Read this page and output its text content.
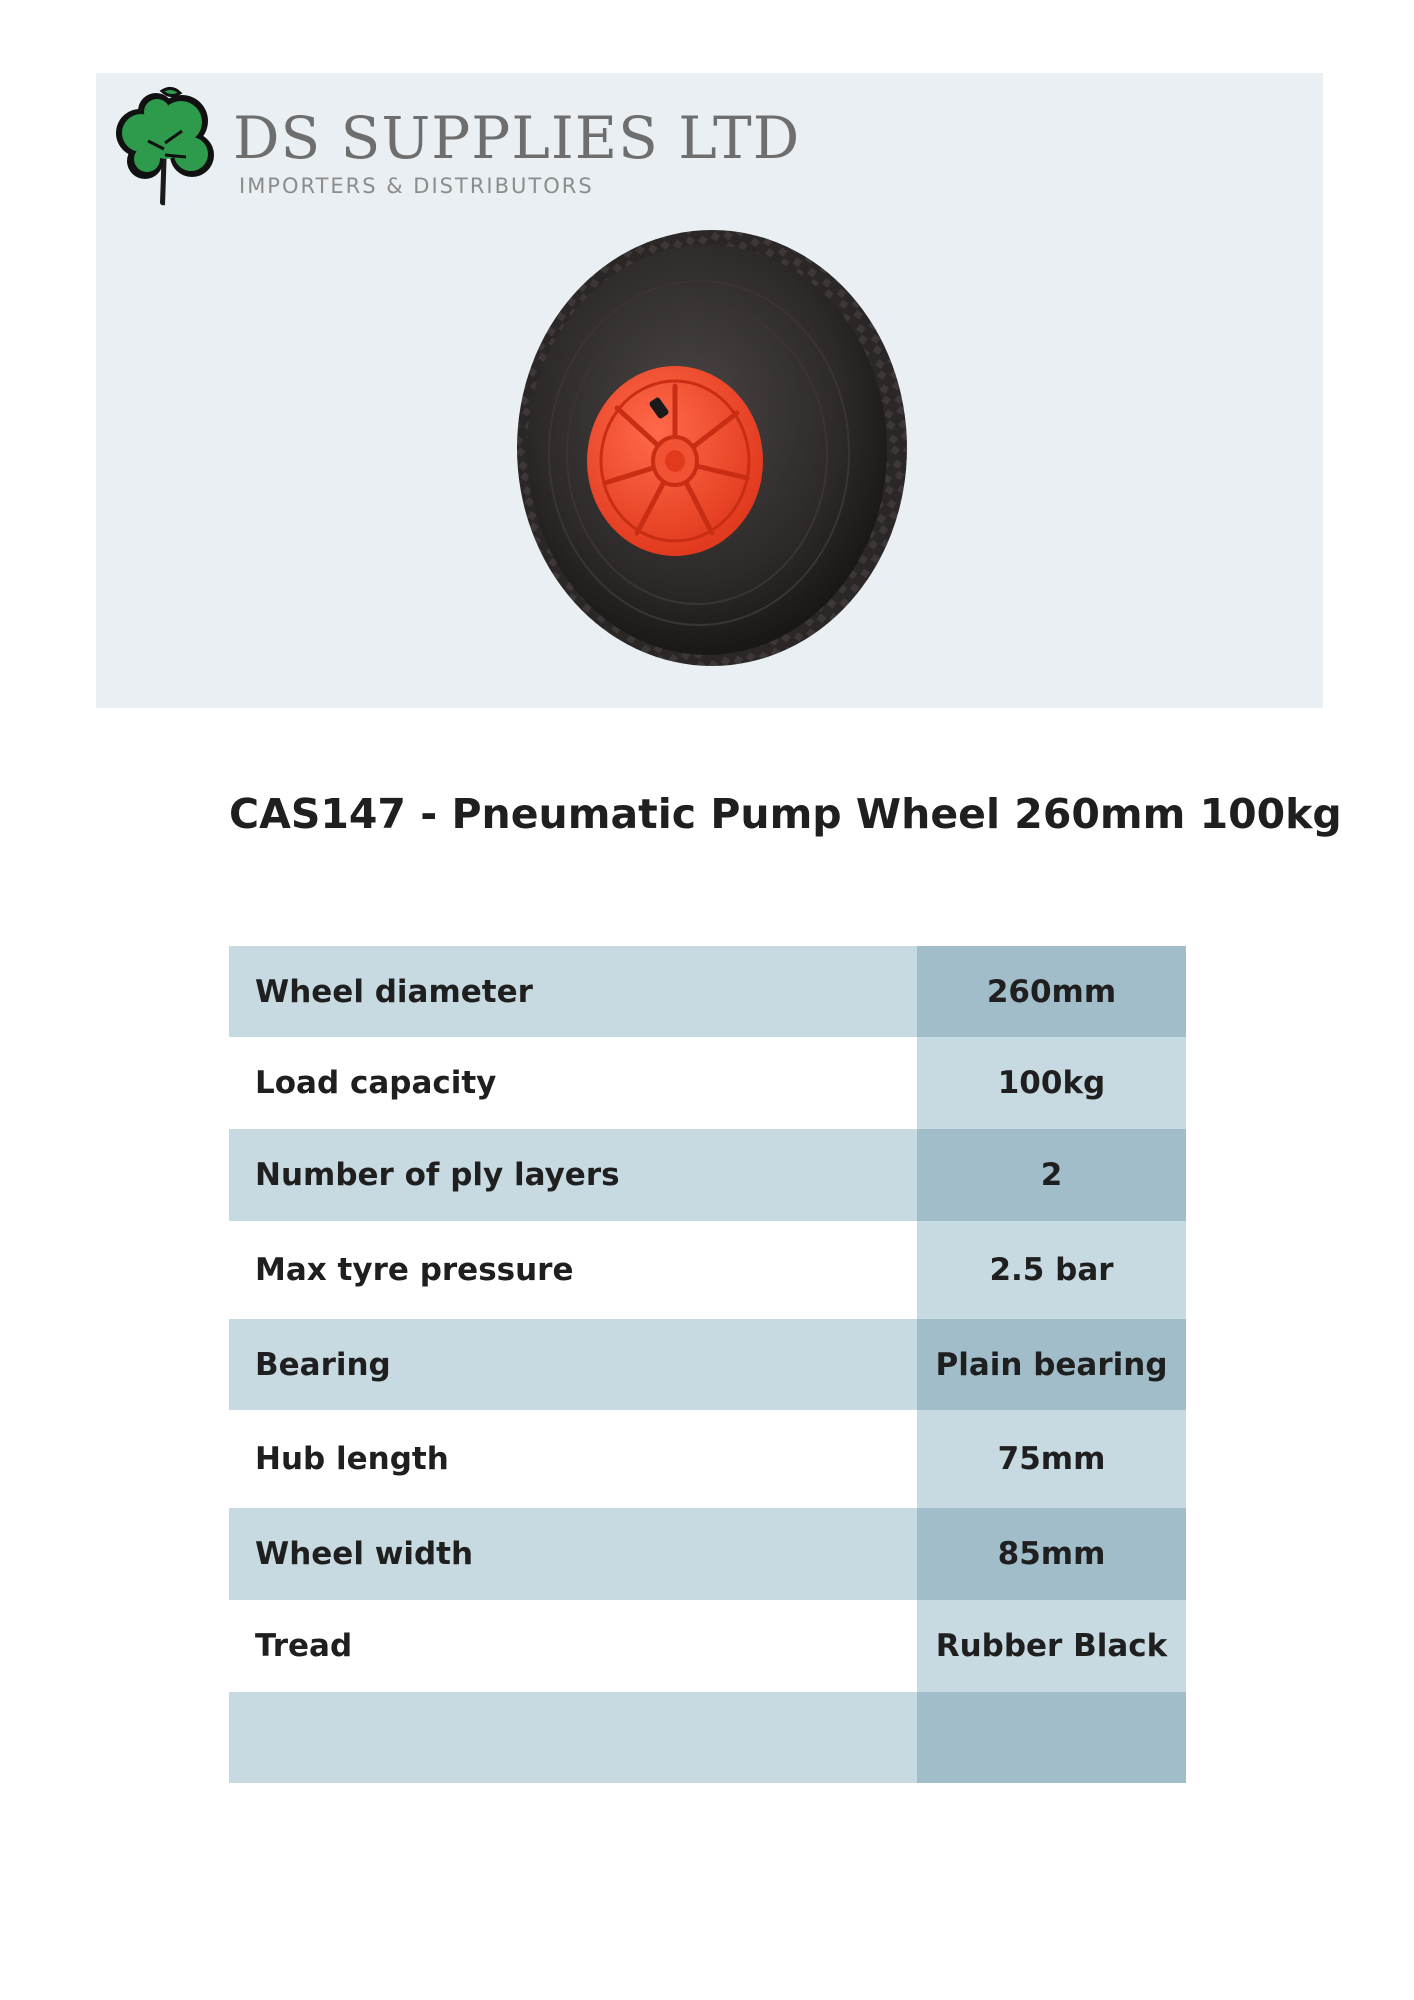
DS SUPPLIES LTD
IMPORTERS & DISTRIBUTORS
CAS147 - Pneumatic Pump Wheel 260mm 100kg
Wheel diameter	260mm
Load capacity	100kg
Number of ply layers	2
Max tyre pressure	2.5 bar
Bearing	Plain bearing
Hub length	75mm
Wheel width	85mm
Tread	Rubber Black
